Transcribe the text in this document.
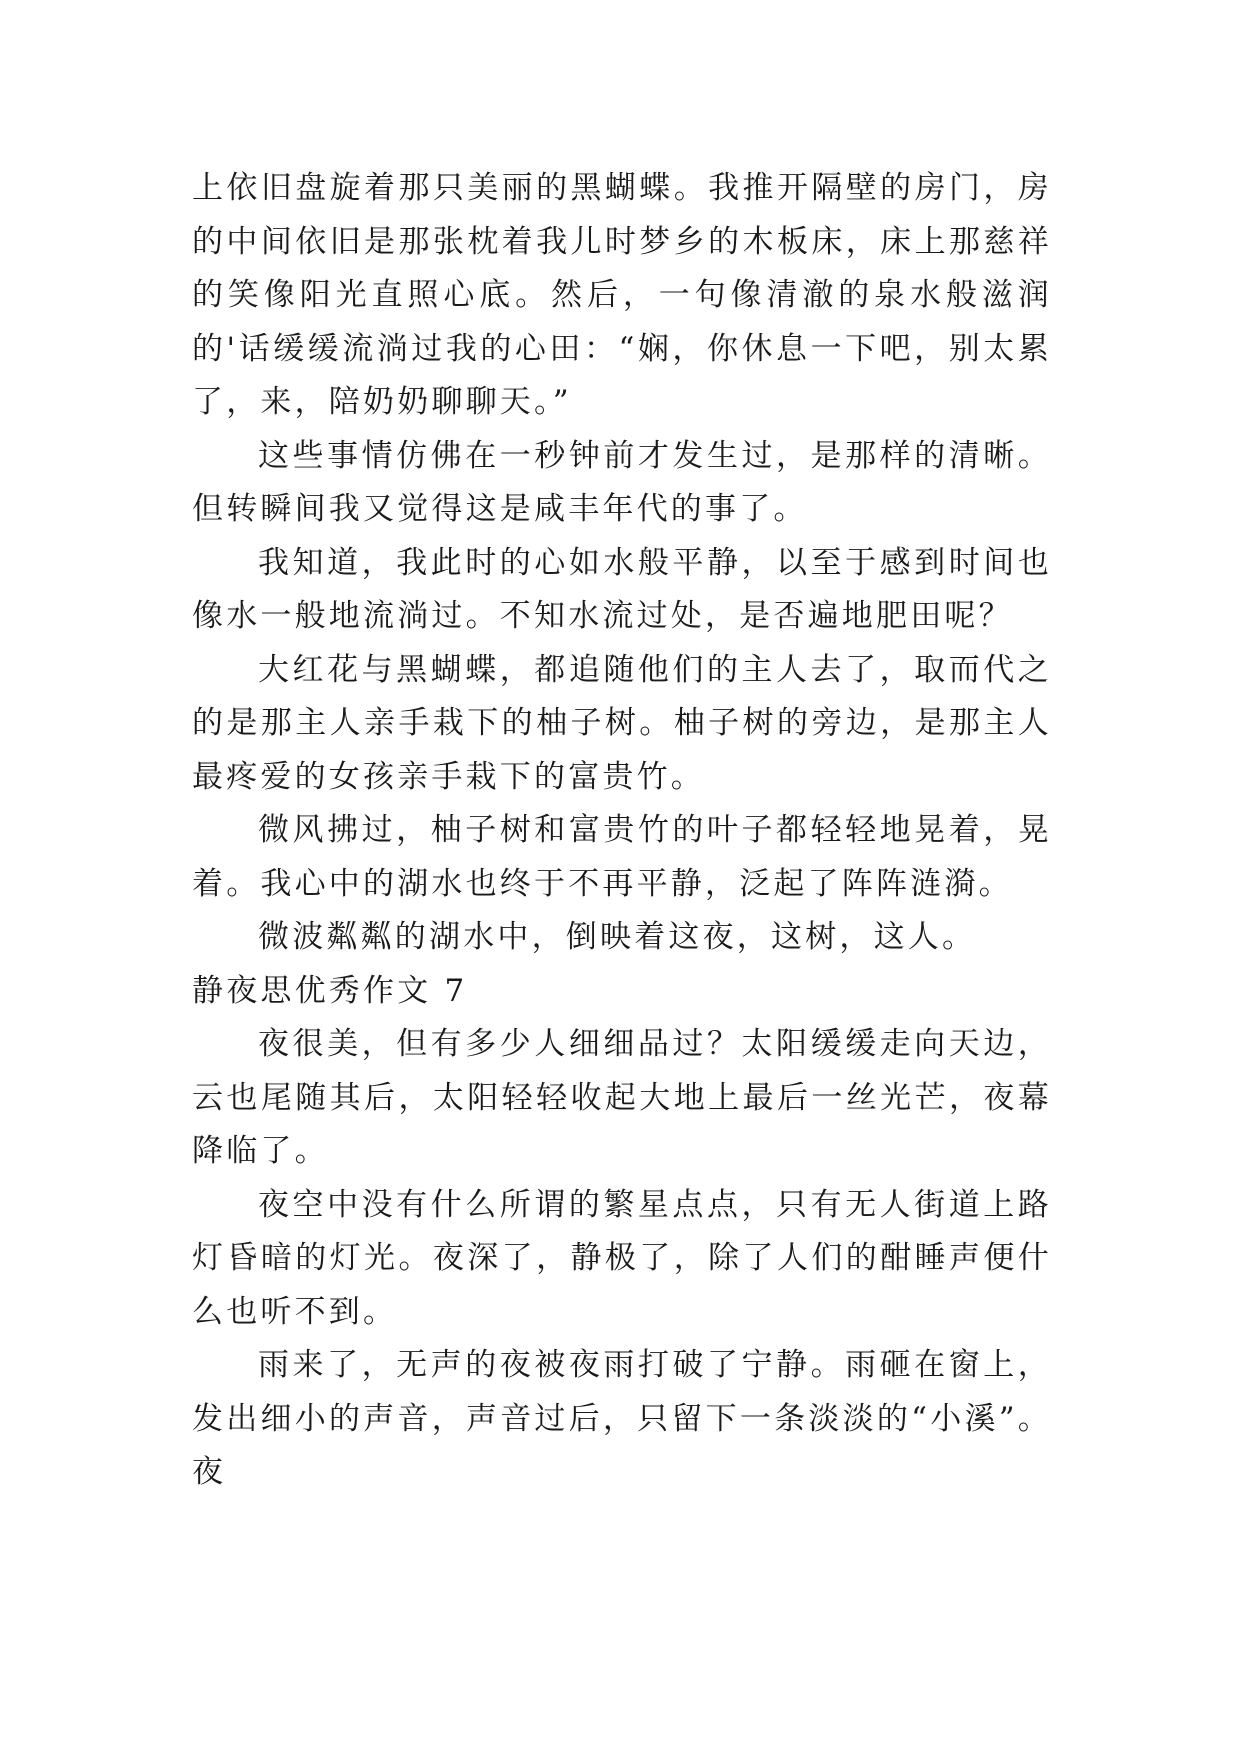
上依旧盘旋着那只美丽的黑蝴蝶。我推开隔壁的房门，房的中间依旧是那张枕着我儿时梦乡的木板床，床上那慈祥的笑像阳光直照心底。然后，一句像清澈的泉水般滋润的'话缓缓流淌过我的心田：“娴，你休息一下吧，别太累了，来，陪奶奶聊聊天。”

这些事情仿佛在一秒钟前才发生过，是那样的清晰。但转瞬间我又觉得这是咸丰年代的事了。

我知道，我此时的心如水般平静，以至于感到时间也像水一般地流淌过。不知水流过处，是否遍地肥田呢？

大红花与黑蝴蝶，都追随他们的主人去了，取而代之的是那主人亲手栽下的柚子树。柚子树的旁边，是那主人最疼爱的女孩亲手栽下的富贵竹。

微风拂过，柚子树和富贵竹的叶子都轻轻地晃着，晃着。我心中的湖水也终于不再平静，泛起了阵阵涟漪。

微波粼粼的湖水中，倒映着这夜，这树，这人。

静夜思优秀作文 7

夜很美，但有多少人细细品过？太阳缓缓走向天边，云也尾随其后，太阳轻轻收起大地上最后一丝光芒，夜幕降临了。

夜空中没有什么所谓的繁星点点，只有无人街道上路灯昏暗的灯光。夜深了，静极了，除了人们的酣睡声便什么也听不到。

雨来了，无声的夜被夜雨打破了宁静。雨砸在窗上，发出细小的声音，声音过后，只留下一条淡淡的“小溪”。夜
